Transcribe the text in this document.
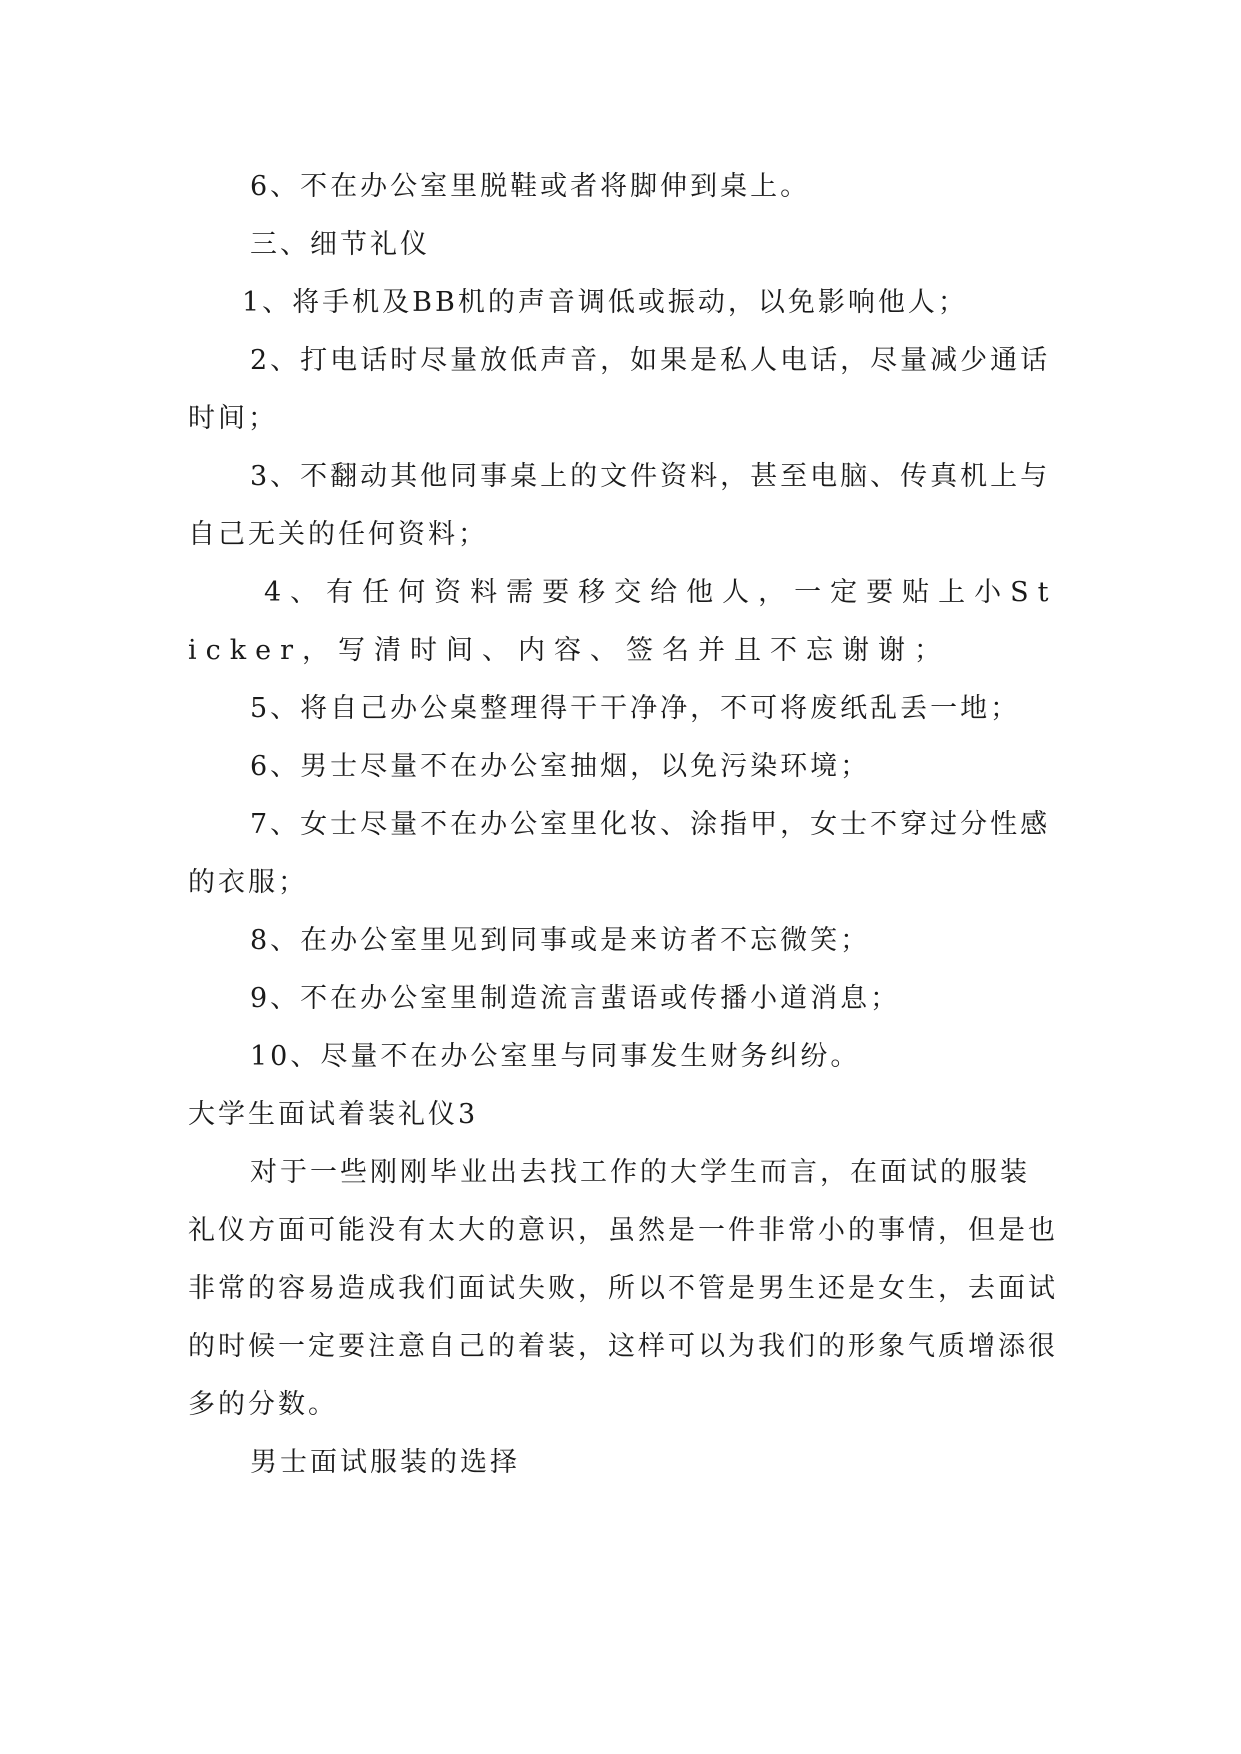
6、不在办公室里脱鞋或者将脚伸到桌上。

三、细节礼仪

1、将手机及BB机的声音调低或振动，以免影响他人；

2、打电话时尽量放低声音，如果是私人电话，尽量减少通话时间；

3、不翻动其他同事桌上的文件资料，甚至电脑、传真机上与自己无关的任何资料；

4、有任何资料需要移交给他人，一定要贴上小Sticker，写清时间、内容、签名并且不忘谢谢；

5、将自己办公桌整理得干干净净，不可将废纸乱丢一地；

6、男士尽量不在办公室抽烟，以免污染环境；

7、女士尽量不在办公室里化妆、涂指甲，女士不穿过分性感的衣服；

8、在办公室里见到同事或是来访者不忘微笑；

9、不在办公室里制造流言蜚语或传播小道消息；

10、尽量不在办公室里与同事发生财务纠纷。

大学生面试着装礼仪3

对于一些刚刚毕业出去找工作的大学生而言，在面试的服装礼仪方面可能没有太大的意识，虽然是一件非常小的事情，但是也非常的容易造成我们面试失败，所以不管是男生还是女生，去面试的时候一定要注意自己的着装，这样可以为我们的形象气质增添很多的分数。

男士面试服装的选择
